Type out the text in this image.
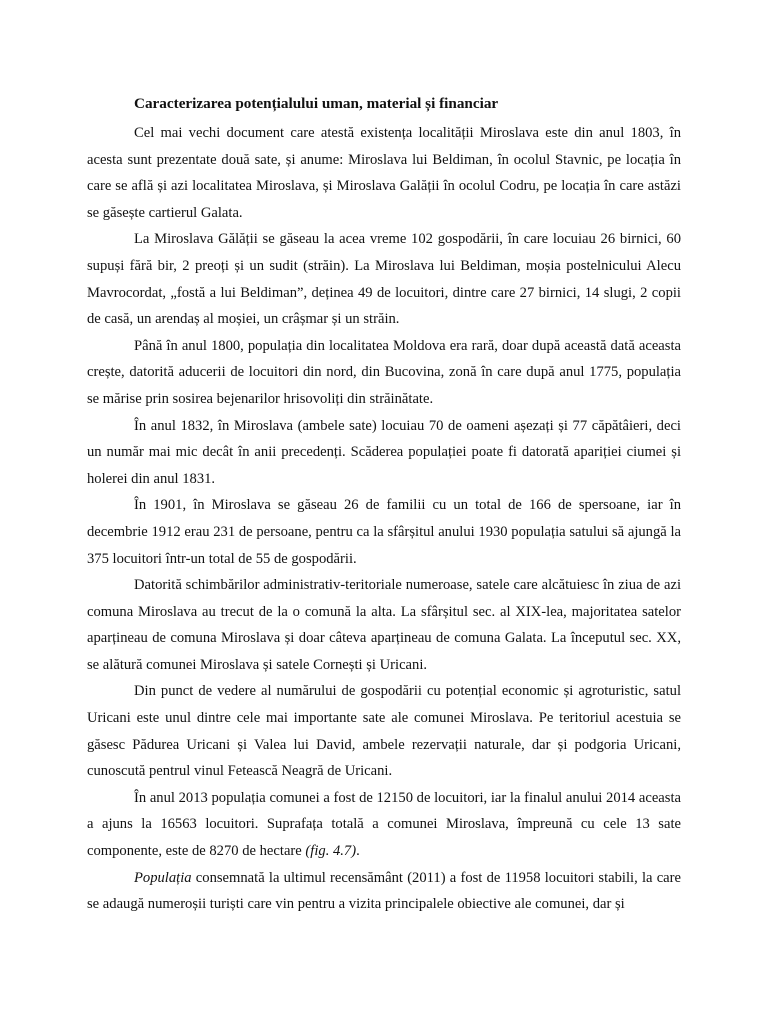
Caracterizarea potențialului uman, material și financiar

Cel mai vechi document care atestă existența localității Miroslava este din anul 1803, în acesta sunt prezentate două sate, și anume: Miroslava lui Beldiman, în ocolul Stavnic, pe locația în care se află și azi localitatea Miroslava, și Miroslava Galății în ocolul Codru, pe locația în care astăzi se găsește cartierul Galata.

La Miroslava Gălății se găseau la acea vreme 102 gospodării, în care locuiau 26 birnici, 60 supuși fără bir, 2 preoți și un sudit (străin). La Miroslava lui Beldiman, moșia postelnicului Alecu Mavrocordat, „fostă a lui Beldiman”, deținea 49 de locuitori, dintre care 27 birnici, 14 slugi, 2 copii de casă, un arendaș al moșiei, un crâșmar și un străin.

Până în anul 1800, populația din localitatea Moldova era rară, doar după această dată aceasta crește, datorită aducerii de locuitori din nord, din Bucovina, zonă în care după anul 1775, populația se mărise prin sosirea bejenarilor hrisovoliți din străinătate.

În anul 1832, în Miroslava (ambele sate) locuiau 70 de oameni așezați și 77 căpătâieri, deci un număr mai mic decât în anii precedenți. Scăderea populației poate fi datorată apariției ciumei și holerei din anul 1831.

În 1901, în Miroslava se găseau 26 de familii cu un total de 166 de spersoane, iar în decembrie 1912 erau 231 de persoane, pentru ca la sfârșitul anului 1930 populația satului să ajungă la 375 locuitori într-un total de 55 de gospodării.

Datorită schimbărilor administrativ-teritoriale numeroase, satele care alcătuiesc în ziua de azi comuna Miroslava au trecut de la o comună la alta. La sfârșitul sec. al XIX-lea, majoritatea satelor aparțineau de comuna Miroslava și doar câteva aparțineau de comuna Galata. La începutul sec. XX, se alătură comunei Miroslava și satele Cornești și Uricani.

Din punct de vedere al numărului de gospodării cu potențial economic și agroturistic, satul Uricani este unul dintre cele mai importante sate ale comunei Miroslava. Pe teritoriul acestuia se găsesc Pădurea Uricani și Valea lui David, ambele rezervații naturale, dar și podgoria Uricani, cunoscută pentrul vinul Fetească Neagră de Uricani.

În anul 2013 populația comunei a fost de 12150 de locuitori, iar la finalul anului 2014 aceasta a ajuns la 16563 locuitori. Suprafața totală a comunei Miroslava, împreună cu cele 13 sate componente, este de 8270 de hectare (fig. 4.7).

Populația consemnată la ultimul recensământ (2011) a fost de 11958 locuitori stabili, la care se adaugă numeroșii turiști care vin pentru a vizita principalele obiective ale comunei, dar și
